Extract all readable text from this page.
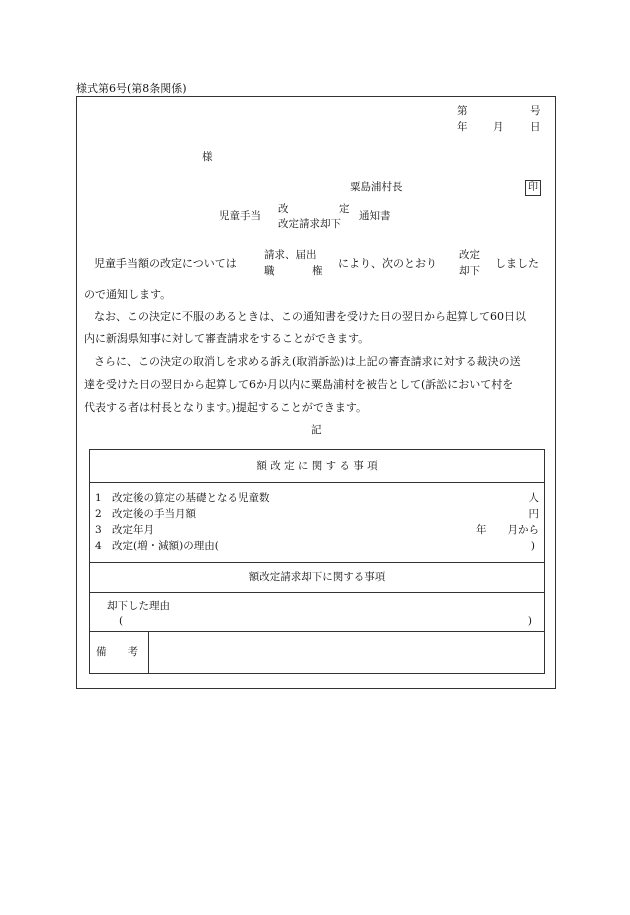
様式第6号(第8条関係)
第	号
年 月	日
様
粟島浦村長	印
児童手当
改	定
改定請求却下
通知書
児童手当額の改定については
請求、届出
職	権
により、次のとおり
改定
却下
しました
ので通知します。
なお、この決定に不服のあるときは、この通知書を受けた日の翌日から起算して60日以
内に新潟県知事に対して審査請求をすることができます。
さらに、この決定の取消しを求める訴え(取消訴訟)は上記の審査請求に対する裁決の送
達を受けた日の翌日から起算して6か月以内に粟島浦村を被告として(訴訟において村を
代表する者は村長となります。)提起することができます。
記
額 改 定 に 関 す る 事 項
1 改定後の算定の基礎となる児童数	人
2 改定後の手当月額	円
3 改定年月	年　　月から
4 改定(増・減額)の理由(	)
額改定請求却下に関する事項
却下した理由
(	)
備　　考
